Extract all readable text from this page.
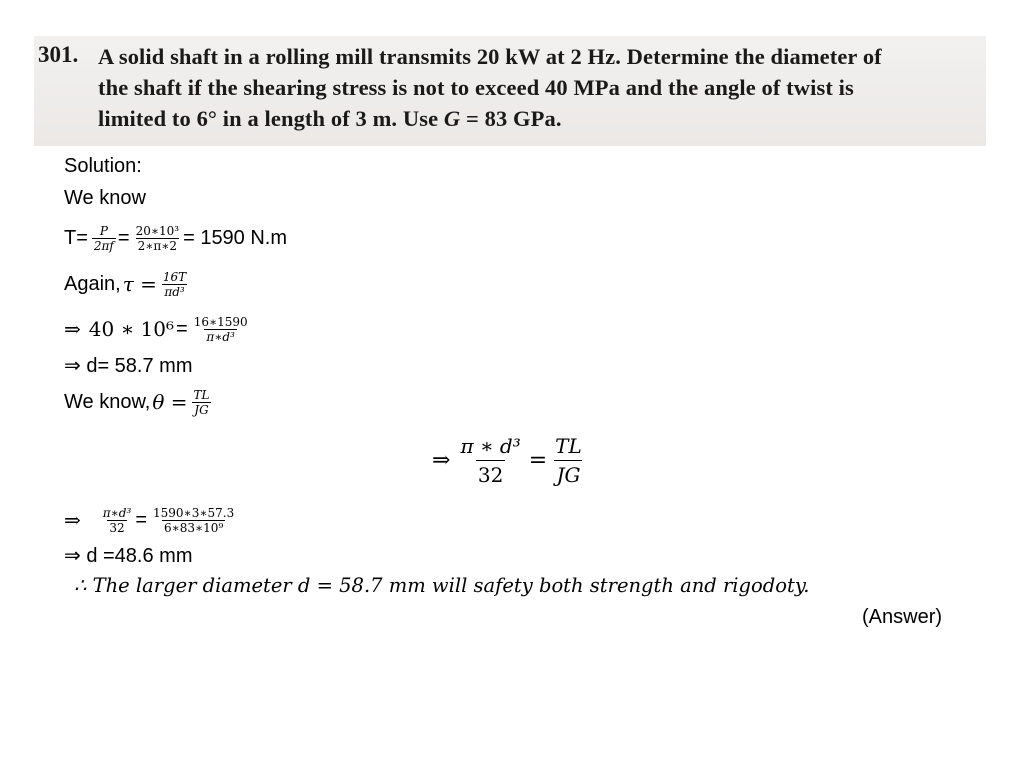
301. A solid shaft in a rolling mill transmits 20 kW at 2 Hz. Determine the diameter of
the shaft if the shearing stress is not to exceed 40 MPa and the angle of twist is
limited to 6° in a length of 3 m. Use G = 83 GPa.
Solution:
We know
$T= \frac{P}{2\pi f} = \frac{\text{20∗10³}}{2∗\pi∗2} = 1590$ N.m
Again, $\tau = \frac{16T}{\text{πd³}}$
⇒ 40 ∗ $10^6 = \frac{16∗1590}{\text{π∗d³}}$
⇒ d= 58.7 mm
We know, $\theta = \frac{TL}{JG}$
⇒ $\frac{\text{π ∗ d³}}{32} = \frac{TL}{JG}$
⇒ $\frac{\text{π∗d³}}{32} = \frac{1590∗3∗57.3}{\text{6∗83∗10⁹}}$
⇒ d =48.6 mm
∴ The larger diameter d = 58.7 mm will safety both strength and rigodoty.
(Answer)
